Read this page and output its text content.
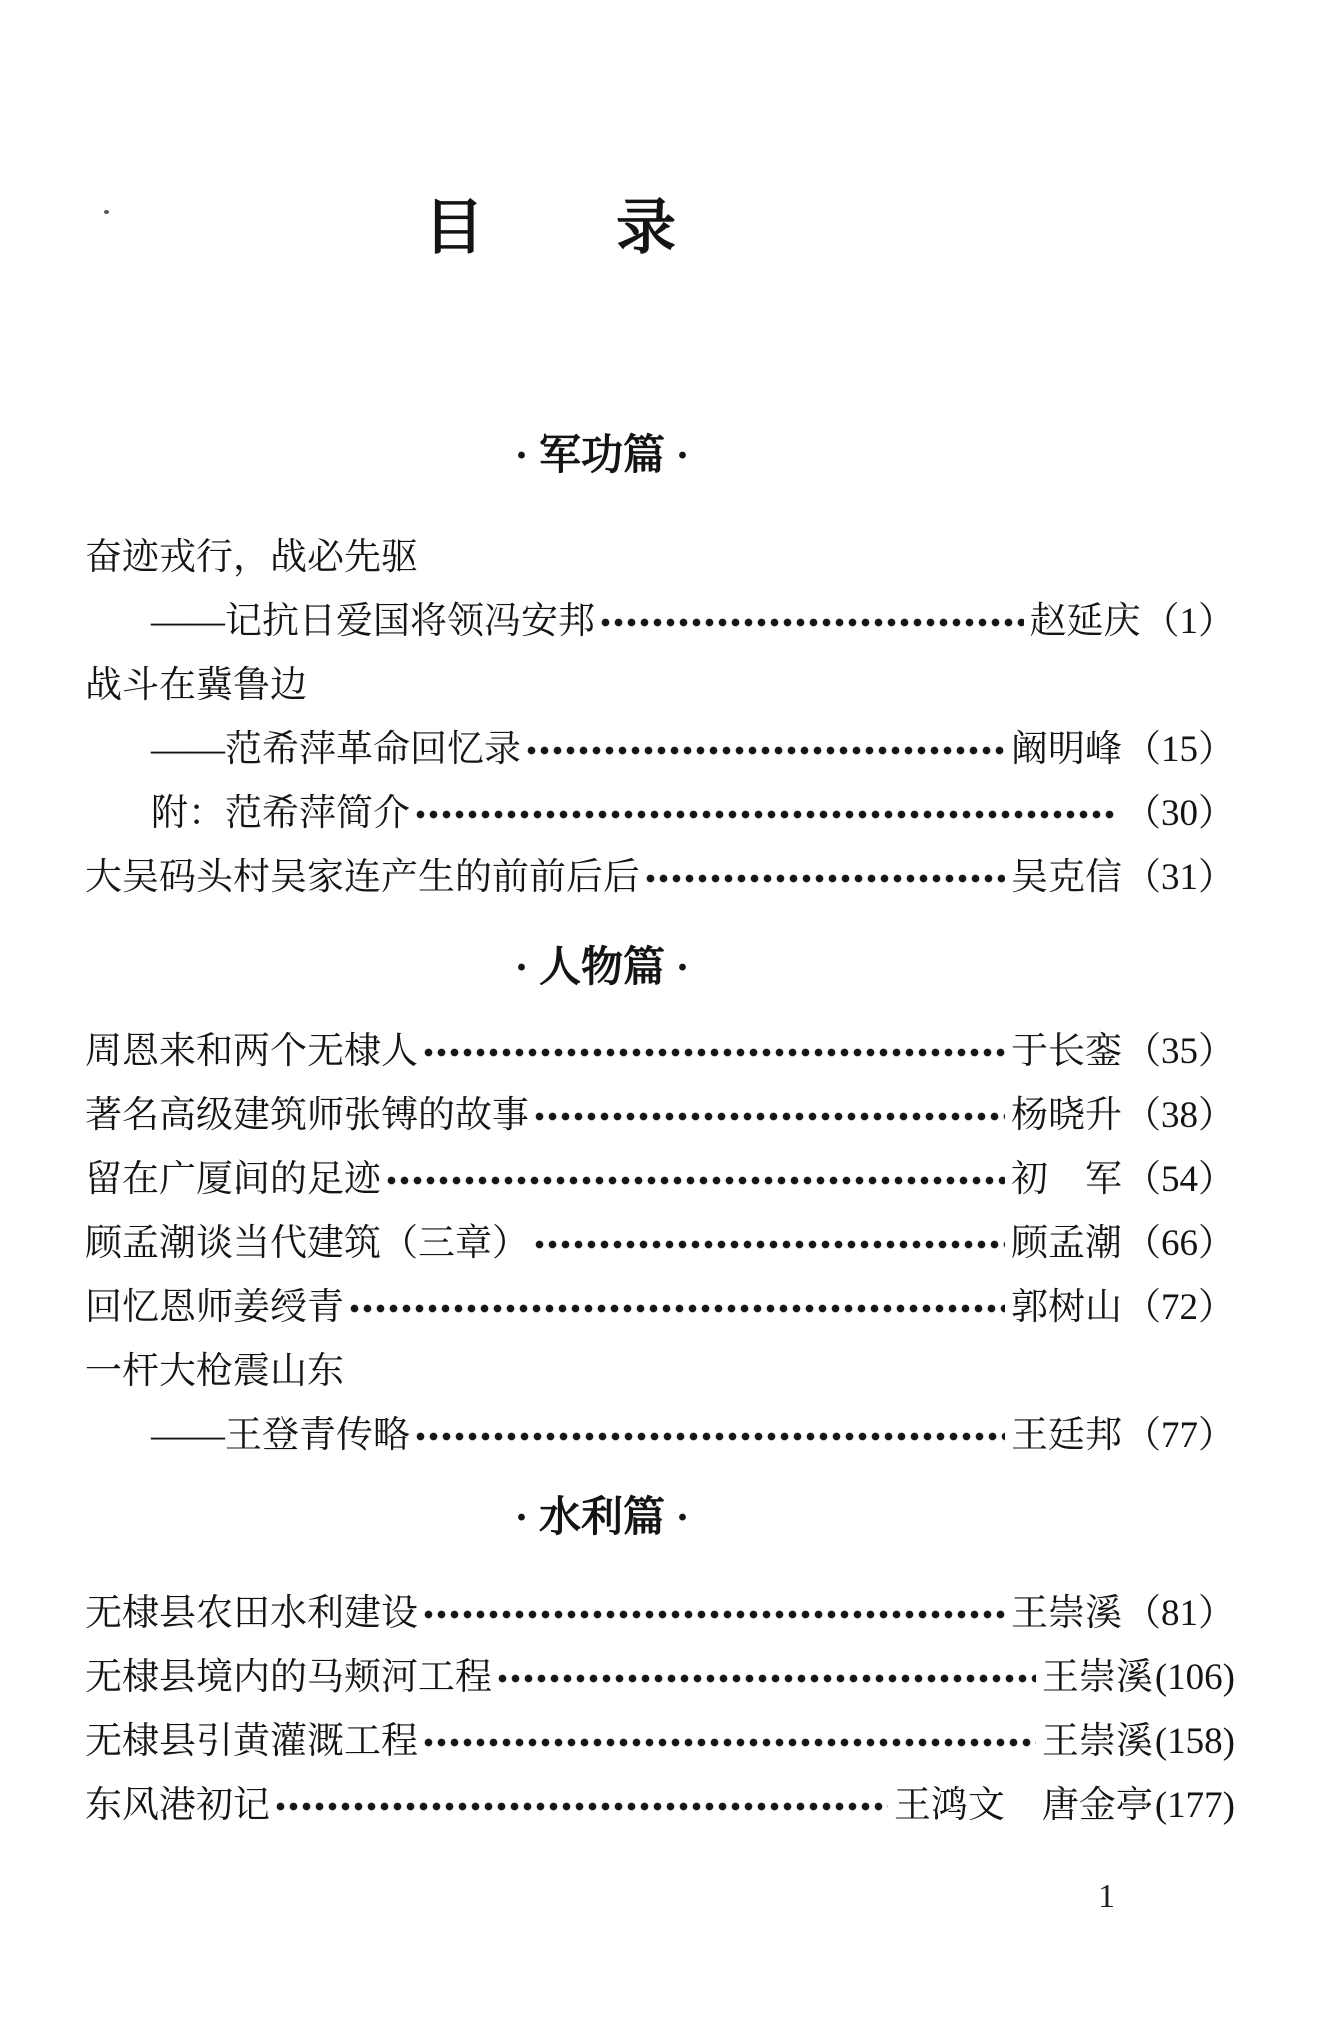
目　　录
· 军功篇 ·
奋迹戎行，战必先驱
——记抗日爱国将领冯安邦	赵延庆 （1）
战斗在冀鲁边
——范希萍革命回忆录	阚明峰 （15）
附：范希萍简介	（30）
大吴码头村吴家连产生的前前后后	吴克信 （31）
· 人物篇 ·
周恩来和两个无棣人	于长銮 （35）
著名高级建筑师张镈的故事	杨晓升 （38）
留在广厦间的足迹	初　军 （54）
顾孟潮谈当代建筑（三章）	顾孟潮 （66）
回忆恩师姜绶青	郭树山 （72）
一杆大枪震山东
——王登青传略	王廷邦 （77）
· 水利篇 ·
无棣县农田水利建设	王崇溪 （81）
无棣县境内的马颊河工程	王崇溪 (106)
无棣县引黄灌溉工程	王崇溪 (158)
东风港初记	王鸿文　唐金亭 (177)
1
